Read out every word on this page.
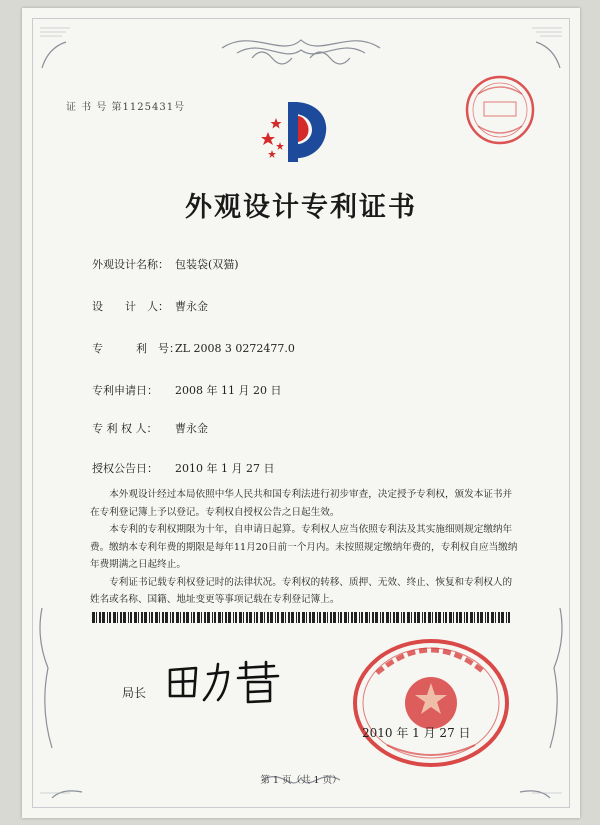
证 书 号 第1125431号
外观设计专利证书
外观设计名称： 包装袋(双猫)
设　　计　人： 曹永金
专　　　利　号：ZL 2008 3 0272477.0
专利申请日： 2008 年 11 月 20 日
专 利 权 人： 曹永金
授权公告日： 2010 年 1 月 27 日

本外观设计经过本局依照中华人民共和国专利法进行初步审查，决定授予专利权，颁发本证书并在专利登记簿上予以登记。专利权自授权公告之日起生效。

本专利的专利权期限为十年，自申请日起算。专利权人应当依照专利法及其实施细则规定缴纳年费。缴纳本专利年费的期限是每年11月20日前一个月内。未按照规定缴纳年费的，专利权自应当缴纳年费期满之日起终止。

专利证书记载专利权登记时的法律状况。专利权的转移、质押、无效、终止、恢复和专利权人的姓名或名称、国籍、地址变更等事项记载在专利登记簿上。

局长
2010 年 1 月 27 日
第 1 页（共 1 页）
